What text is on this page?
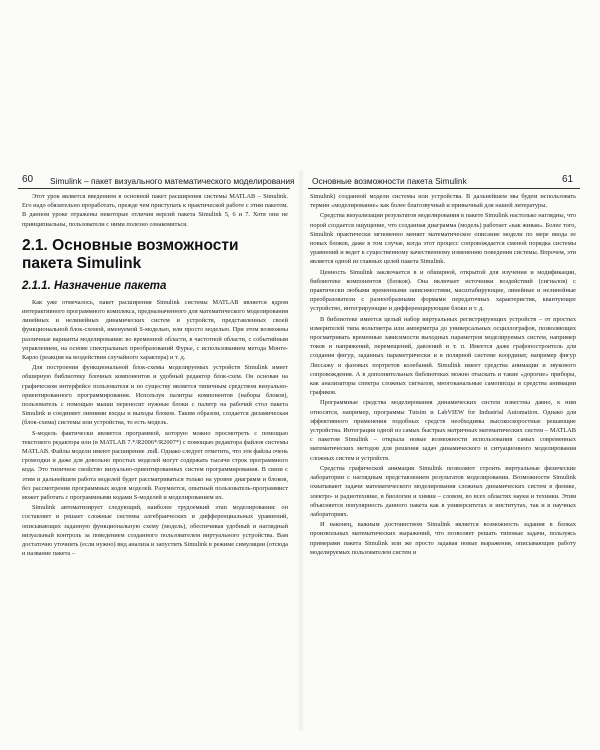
60 Simulink – пакет визуального математического моделирования Основные возможности пакета Simulink	61

Этот урок является введением в основной пакет расширения системы MATLAB – Simulink. Его надо обязательно проработать, прежде чем приступать к практической работе с этим пакетом. В данном уроке отражены некоторые отличия версий пакета Simulink 5, 6 и 7. Хотя они не принципиальны, пользователи с ними полезно ознакомиться.

2.1. Основные возможности пакета Simulink
2.1.1. Назначение пакета

Как уже отмечалось, пакет расширения Simulink системы MATLAB является ядром интерактивного программного комплекса, предназначенного для математического моделирования линейных и нелинейных динамических систем и устройств, представленных своей функциональной блок-схемой, именуемой S-моделью, или просто моделью. При этом возможны различные варианты моделирования: во временной области, в частотной области, с событийным управлением, на основе спектральных преобразований Фурье, с использованием метода Монте-Карло (реакция на воздействия случайного характера) и т. д.

Для построения функциональной блок-схемы моделируемых устройств Simulink имеет обширную библиотеку блочных компонентов и удобный редактор блок-схем. Он основан на графическом интерфейсе пользователя и по существу является типичным средством визуально-ориентированного программирования. Используя палитры компонентов (наборы блоков), пользователь с помощью мыши переносит нужные блоки с палитр на рабочий стол пакета Simulink и соединяет линиями входы и выходы блоков. Таким образом, создается дизамическая (блок-схема) системы или устройства, то есть модель.

S-модель фактически является программой, которую можно просмотреть с помощью текстового редактора или (в MATLAB 7.*/R2006*/R2007*) с помощью редактора файлов системы MATLAB. Файлы модели имеют расширение .mdl. Однако следует отметить, что эти файлы очень громоздки и даже для довольно простых моделей могут содержать тысячи строк программного кода. Это типичное свойство визуально-ориентированных систем программирования. В связи с этим и дальнейшем работа моделей будет рассматриваться только на уровне диаграмм и блоков, без рассмотрения программных кодов моделей. Разумеется, опытный пользователь-программист может работать с программными кодами S-моделей и моделированием их.

Simulink автоматизирует следующий, наиболее трудоемкий этап моделирования: он составляет и решает сложные системы алгебраических и дифференциальных уравнений, описывающих заданную функциональную схему (модель), обеспечивая удобный и наглядный визуальный контроль за поведением созданного пользователем виртуального устройства. Вам достаточно уточнить (если нужно) вид анализа и запустить Simulink в режиме симуляции (отсюда и название пакета –

Simulink) созданной модели системы или устройства. В дальнейшем мы будем использовать термин «моделирование» как более благозвучный и привычный для нашей литературы.

Средства визуализации результатов моделирования в пакете Simulink настолько наглядны, что порой создается ощущение, что созданная диаграмма (модель) работает «как живая». Более того, Simulink практически мгновенно меняет математическое описание модели по мере ввода ее новых блоков, даже в том случае, когда этот процесс сопровождается сменой порядка системы уравнений и ведет к существенному качественному изменению поведения системы. Впрочем, эти является одной из главных целей пакета Simulink.

Ценность Simulink заключается в и обширной, открытой для изучения и модификации, библиотеке компонентов (блоков). Она включает источники воздействий (сигналов) с практически любыми временными зависимостями, масштабирующие, линейные и нелинейные преобразователи с разнообразными формами передаточных характеристик, квантующее устройство, интегрирующие и дифференцирующие блоки и т. д.

В библиотеке имеется целый набор виртуальных регистрирующих устройств – от простых измерителей типа вольтметра или амперметра до универсальных осциллографов, позволяющих просматривать временные зависимости выходных параметров моделируемых систем, например токов и напряжений, перемещений, давлений и т. п. Имеется даже графопостроитель для создания фигур, заданных параметрически и в полярной системе координат, например фигур Лиссажу и фазовых портретов колебаний. Simulink имеет средства анимации и звукового сопровождения. А в дополнительных библиотеках можно отыскать и такие «дорогие» приборы, как анализаторы спектра сложных сигналов, многоканальные самописцы и средства анимации графиков.

Программные средства моделирования динамических систем известны давно, к ним относятся, например, программы Tutsim и LabVIEW for Industrial Automation. Однако для эффективного применения подобных средств необходимы высокоскоростные решающие устройства. Интеграция одной из самых быстрых матричных математических систем – MATLAB с пакетом Simulink – открыла новые возможности использования самых современных математических методов для решения задач динамического и ситуационного моделирования сложных систем и устройств.

Средства графической анимации Simulink позволяют строить виртуальные физические лаборатории с наглядным представлением результатов моделирования. Возможности Simulink охватывают задачи математического моделирования сложных динамических систем в физике, электро- и радиотехнике, в биологии и химии – словом, во всех областях науки и техники. Этим объясняется популярность данного пакета как в университетах и институтах, так и в научных лабораториях.

И наконец, важным достоинством Simulink является возможность задания в блоках произвольных математических выражений, что позволяет решать типовые задачи, пользуясь примерами пакета Simulink или же просто задавая новые выражения, описывающие работу моделируемых пользователем систем и
